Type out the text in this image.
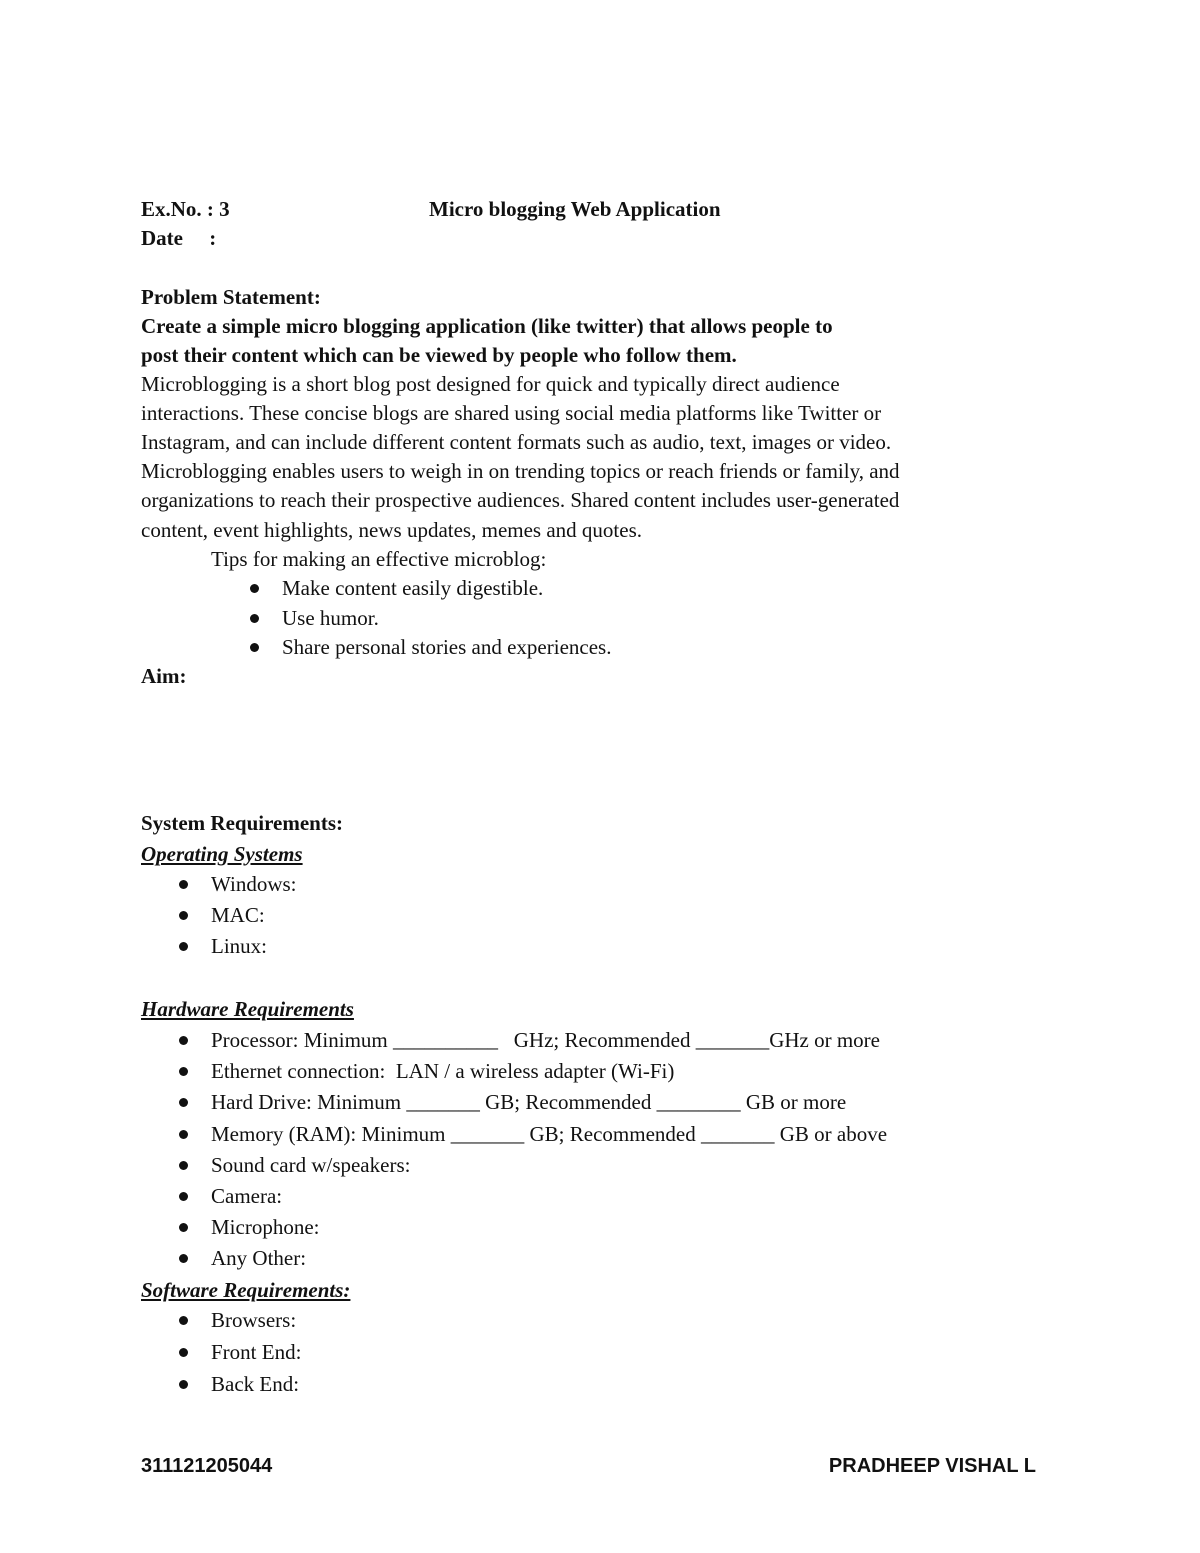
Ex.No. : 3	Micro blogging Web Application
Date     :
Problem Statement:
Create a simple micro blogging application (like twitter) that allows people to
post their content which can be viewed by people who follow them.
Microblogging is a short blog post designed for quick and typically direct audience
interactions. These concise blogs are shared using social media platforms like Twitter or
Instagram, and can include different content formats such as audio, text, images or video.
Microblogging enables users to weigh in on trending topics or reach friends or family, and
organizations to reach their prospective audiences. Shared content includes user-generated
content, event highlights, news updates, memes and quotes.
Tips for making an effective microblog:
Make content easily digestible.
Use humor.
Share personal stories and experiences.
Aim:
System Requirements:
Operating Systems
Windows:
MAC:
Linux:
Hardware Requirements
Processor: Minimum __________   GHz; Recommended _______GHz or more
Ethernet connection:  LAN / a wireless adapter (Wi-Fi)
Hard Drive: Minimum _______ GB; Recommended ________ GB or more
Memory (RAM): Minimum _______ GB; Recommended _______ GB or above
Sound card w/speakers:
Camera:
Microphone:
Any Other:
Software Requirements:
Browsers:
Front End:
Back End:
311121205044	PRADHEEP VISHAL L
